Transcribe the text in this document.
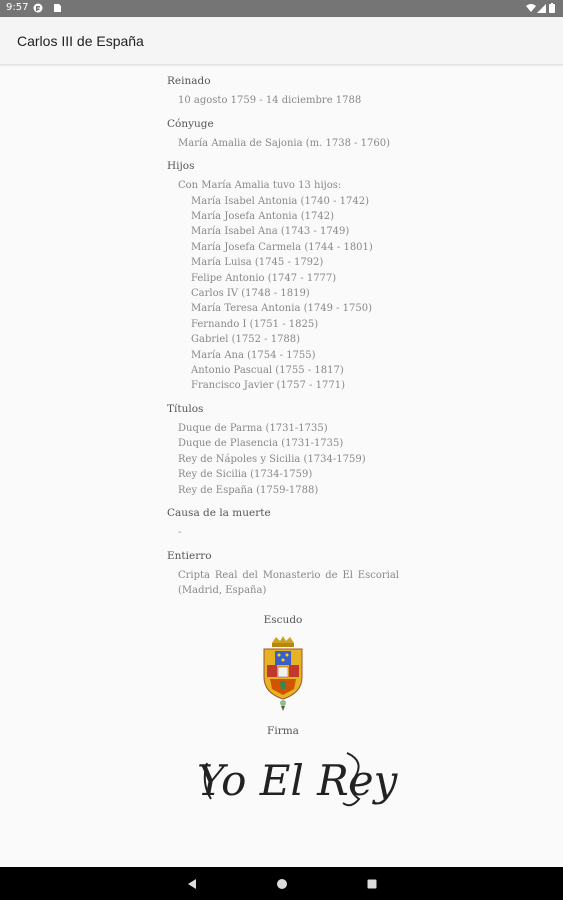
9:57
Carlos III de España
Reinado
10 agosto 1759 - 14 diciembre 1788
Cónyuge
María Amalia de Sajonia (m. 1738 - 1760)
Hijos
Con María Amalia tuvo 13 hijos:
María Isabel Antonia (1740 - 1742)
María Josefa Antonia (1742)
María Isabel Ana (1743 - 1749)
María Josefa Carmela (1744 - 1801)
María Luisa (1745 - 1792)
Felipe Antonio (1747 - 1777)
Carlos IV (1748 - 1819)
María Teresa Antonia (1749 - 1750)
Fernando I (1751 - 1825)
Gabriel (1752 - 1788)
María Ana (1754 - 1755)
Antonio Pascual (1755 - 1817)
Francisco Javier (1757 - 1771)
Títulos
Duque de Parma (1731-1735)
Duque de Plasencia (1731-1735)
Rey de Nápoles y Sicilia (1734-1759)
Rey de Sicilia (1734-1759)
Rey de España (1759-1788)
Causa de la muerte
-
Entierro
Cripta Real del Monasterio de El Escorial (Madrid, España)
Escudo
Firma
Yo El Rey
